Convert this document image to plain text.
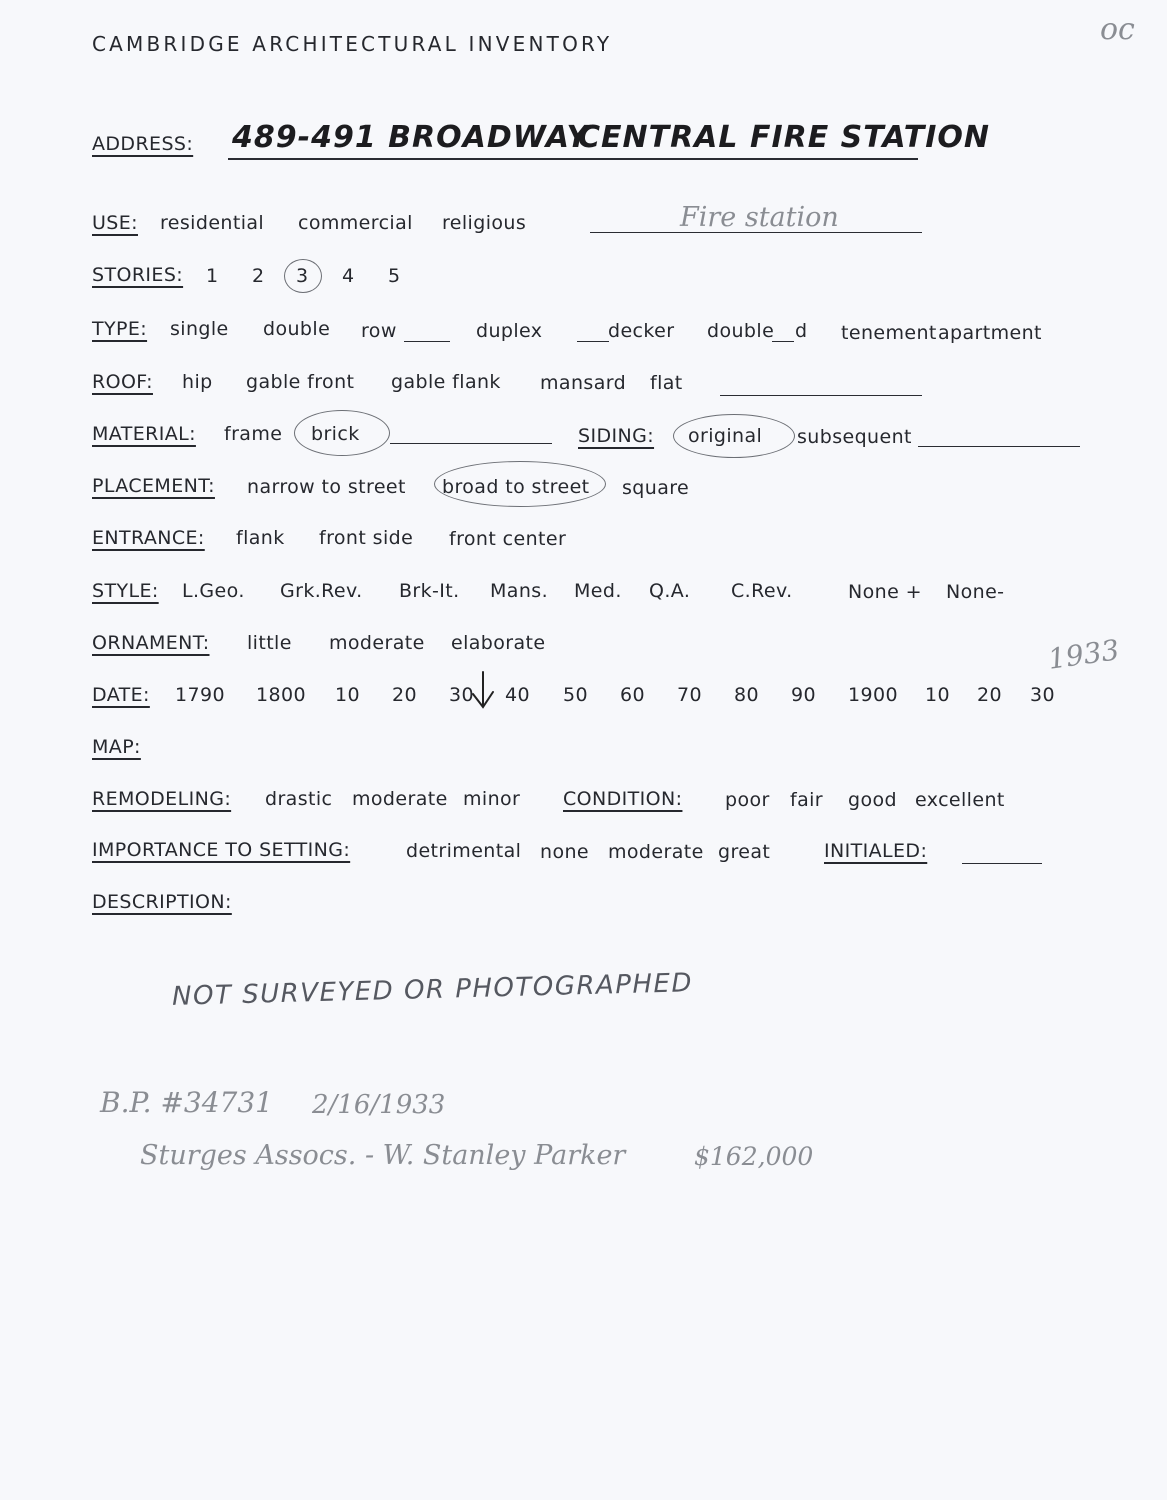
CAMBRIDGE ARCHITECTURAL INVENTORY	oc
ADDRESS: 489-491 BROADWAY
CENTRAL FIRE STATION
USE: residential commercial religious	Fire station
STORIES: 1 2 3 4 5
TYPE: single double row	duplex	decker double d tenement apartment
ROOF: hip gable front gable flank mansard flat
MATERIAL: frame brick	SIDING: original subsequent
PLACEMENT: narrow to street broad to street square
ENTRANCE: flank front side front center
STYLE: L.Geo. Grk.Rev. Brk-It. Mans. Med. Q.A. C.Rev.	None + None-
ORNAMENT: little moderate elaborate	1933
DATE: 1790 1800 10 20 30 40 50 60 70 80 90 1900 10 20 30
MAP:
REMODELING: drastic moderate minor CONDITION: poor fair good excellent
IMPORTANCE TO SETTING:	detrimental none moderate great	INITIALED:
DESCRIPTION:
NOT SURVEYED OR PHOTOGRAPHED
B.P. #34731 2/16/1933
Sturges Assocs. - W. Stanley Parker	$162,000
